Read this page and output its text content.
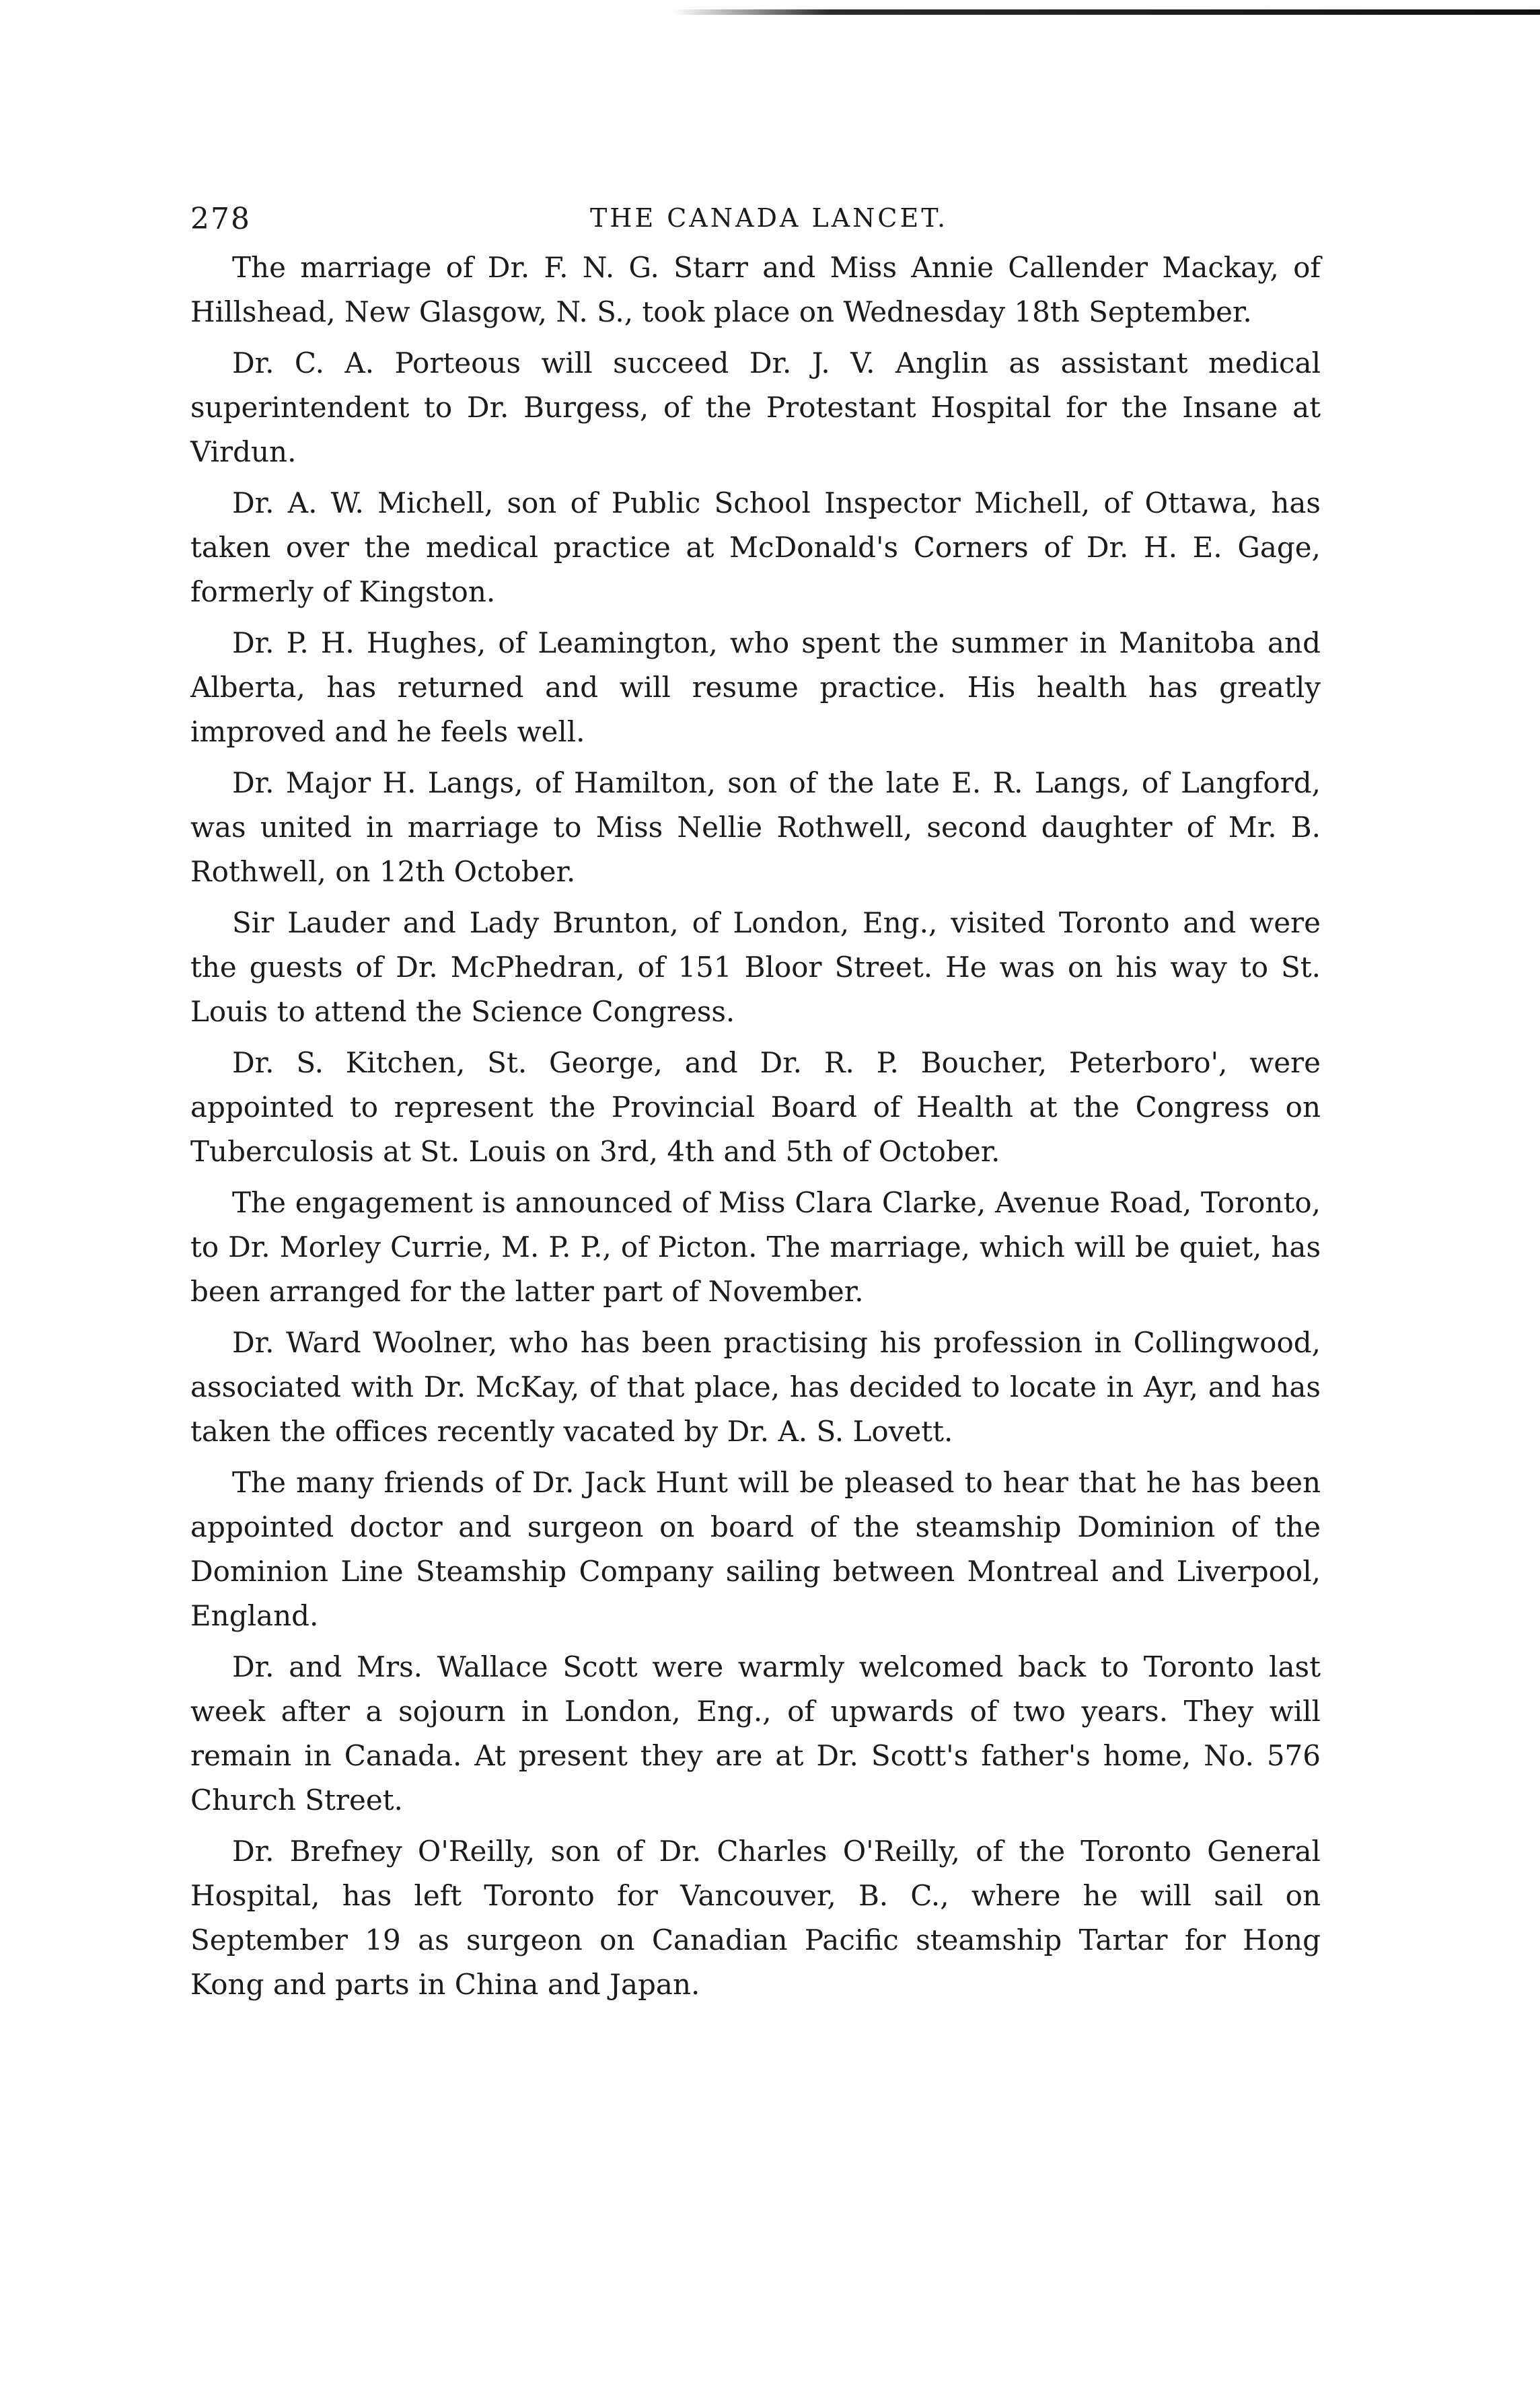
278	THE CANADA LANCET.

The marriage of Dr. F. N. G. Starr and Miss Annie Callender Mackay, of Hillshead, New Glasgow, N. S., took place on Wednesday 18th September.

Dr. C. A. Porteous will succeed Dr. J. V. Anglin as assistant medical superintendent to Dr. Burgess, of the Protestant Hospital for the Insane at Virdun.

Dr. A. W. Michell, son of Public School Inspector Michell, of Ottawa, has taken over the medical practice at McDonald's Corners of Dr. H. E. Gage, formerly of Kingston.

Dr. P. H. Hughes, of Leamington, who spent the summer in Manitoba and Alberta, has returned and will resume practice. His health has greatly improved and he feels well.

Dr. Major H. Langs, of Hamilton, son of the late E. R. Langs, of Langford, was united in marriage to Miss Nellie Rothwell, second daughter of Mr. B. Rothwell, on 12th October.

Sir Lauder and Lady Brunton, of London, Eng., visited Toronto and were the guests of Dr. McPhedran, of 151 Bloor Street. He was on his way to St. Louis to attend the Science Congress.

Dr. S. Kitchen, St. George, and Dr. R. P. Boucher, Peterboro', were appointed to represent the Provincial Board of Health at the Congress on Tuberculosis at St. Louis on 3rd, 4th and 5th of October.

The engagement is announced of Miss Clara Clarke, Avenue Road, Toronto, to Dr. Morley Currie, M. P. P., of Picton. The marriage, which will be quiet, has been arranged for the latter part of November.

Dr. Ward Woolner, who has been practising his profession in Collingwood, associated with Dr. McKay, of that place, has decided to locate in Ayr, and has taken the offices recently vacated by Dr. A. S. Lovett.

The many friends of Dr. Jack Hunt will be pleased to hear that he has been appointed doctor and surgeon on board of the steamship Dominion of the Dominion Line Steamship Company sailing between Montreal and Liverpool, England.

Dr. and Mrs. Wallace Scott were warmly welcomed back to Toronto last week after a sojourn in London, Eng., of upwards of two years. They will remain in Canada. At present they are at Dr. Scott's father's home, No. 576 Church Street.

Dr. Brefney O'Reilly, son of Dr. Charles O'Reilly, of the Toronto General Hospital, has left Toronto for Vancouver, B. C., where he will sail on September 19 as surgeon on Canadian Pacific steamship Tartar for Hong Kong and parts in China and Japan.
